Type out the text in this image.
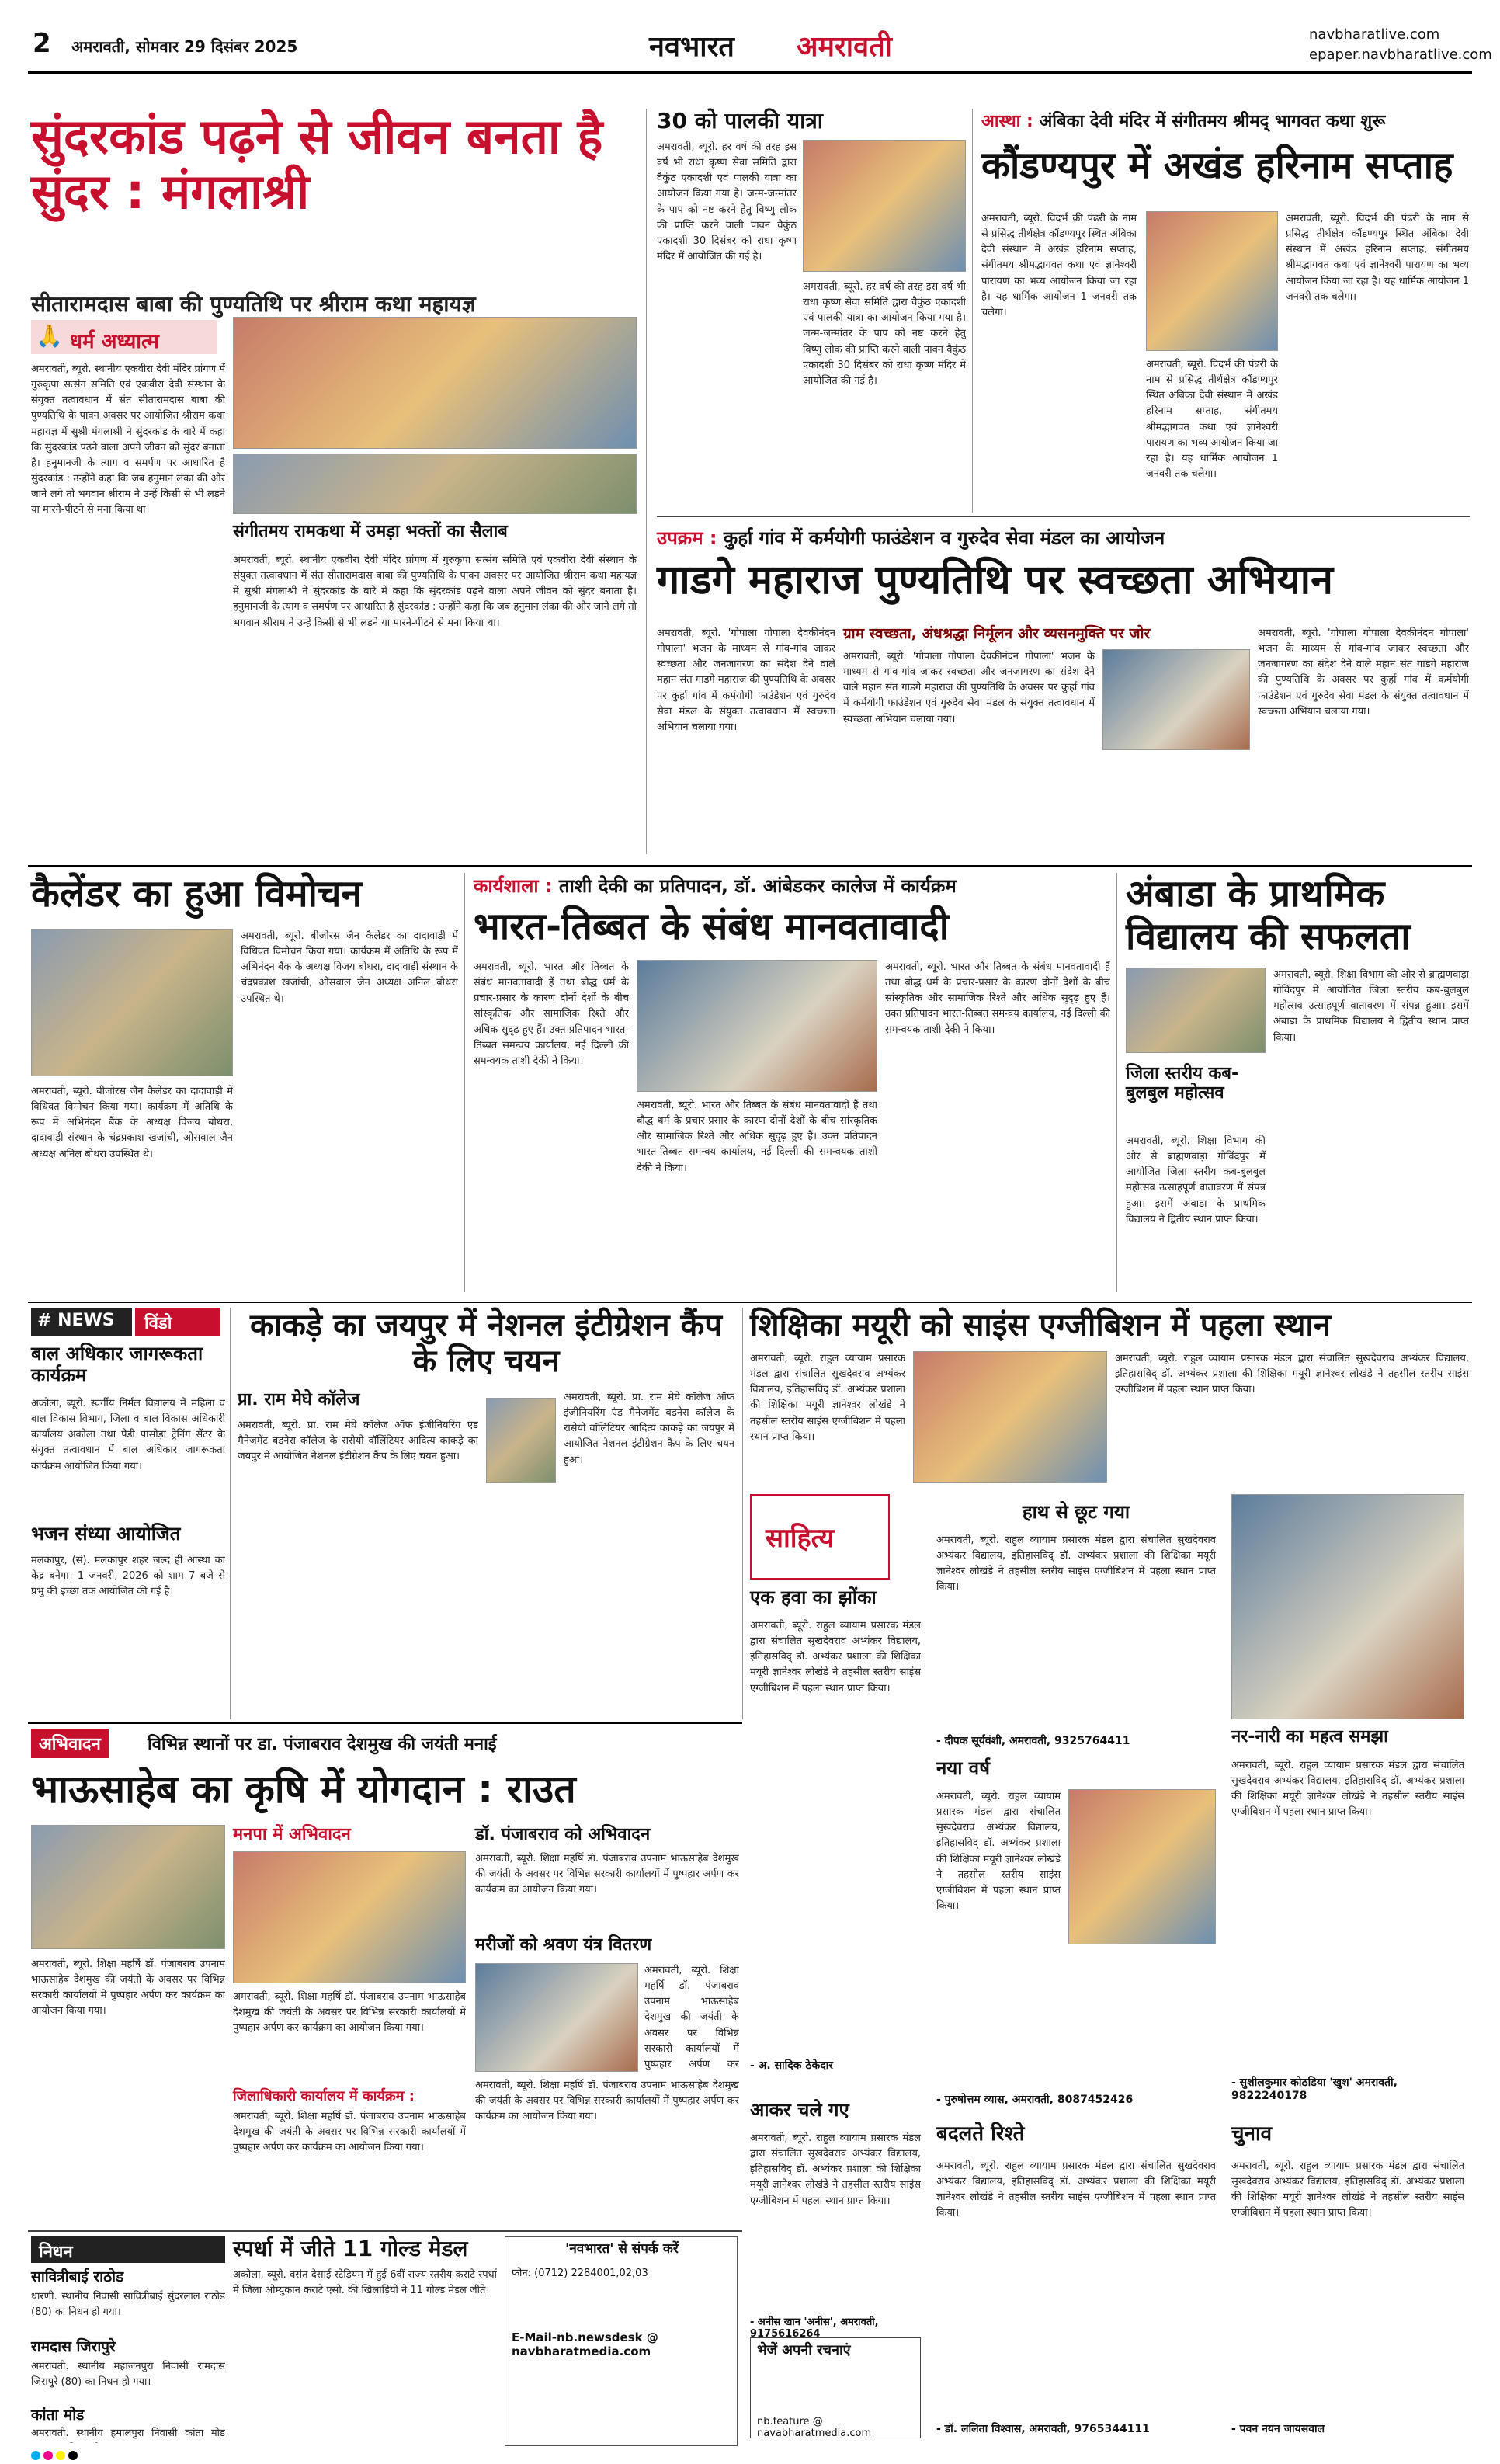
2 अमरावती, सोमवार 29 दिसंबर 2025	नवभारत अमरावती	navbharatlive.com
epaper.navbharatlive.com
सुंदरकांड पढ़ने से जीवन बनता है सुंदर : मंगलाश्री
सीतारामदास बाबा की पुण्यतिथि पर श्रीराम कथा महायज्ञ
🙏 धर्म अध्यात्म
अमरावती, ब्यूरो. स्थानीय एकवीरा देवी मंदिर प्रांगण में गुरुकृपा सत्संग समिति एवं एकवीरा देवी संस्थान के संयुक्त तत्वावधान में संत सीतारामदास बाबा की पुण्यतिथि के पावन अवसर पर आयोजित श्रीराम कथा महायज्ञ में सुश्री मंगलाश्री ने सुंदरकांड के बारे में कहा कि सुंदरकांड पढ़ने वाला अपने जीवन को सुंदर बनाता है। हनुमानजी के त्याग व समर्पण पर आधारित है सुंदरकांड : उन्होंने कहा कि जब हनुमान लंका की ओर जाने लगे तो भगवान श्रीराम ने उन्हें किसी से भी लड़ने या मारने-पीटने से मना किया था।
संगीतमय रामकथा में उमड़ा भक्तों का सैलाब
अमरावती, ब्यूरो. स्थानीय एकवीरा देवी मंदिर प्रांगण में गुरुकृपा सत्संग समिति एवं एकवीरा देवी संस्थान के संयुक्त तत्वावधान में संत सीतारामदास बाबा की पुण्यतिथि के पावन अवसर पर आयोजित श्रीराम कथा महायज्ञ में सुश्री मंगलाश्री ने सुंदरकांड के बारे में कहा कि सुंदरकांड पढ़ने वाला अपने जीवन को सुंदर बनाता है। हनुमानजी के त्याग व समर्पण पर आधारित है सुंदरकांड : उन्होंने कहा कि जब हनुमान लंका की ओर जाने लगे तो भगवान श्रीराम ने उन्हें किसी से भी लड़ने या मारने-पीटने से मना किया था।
30 को पालकी यात्रा
अमरावती, ब्यूरो. हर वर्ष की तरह इस वर्ष भी राधा कृष्ण सेवा समिति द्वारा वैकुंठ एकादशी एवं पालकी यात्रा का आयोजन किया गया है। जन्म-जन्मांतर के पाप को नष्ट करने हेतु विष्णु लोक की प्राप्ति करने वाली पावन वैकुंठ एकादशी 30 दिसंबर को राधा कृष्ण मंदिर में आयोजित की गई है।
अमरावती, ब्यूरो. हर वर्ष की तरह इस वर्ष भी राधा कृष्ण सेवा समिति द्वारा वैकुंठ एकादशी एवं पालकी यात्रा का आयोजन किया गया है। जन्म-जन्मांतर के पाप को नष्ट करने हेतु विष्णु लोक की प्राप्ति करने वाली पावन वैकुंठ एकादशी 30 दिसंबर को राधा कृष्ण मंदिर में आयोजित की गई है।
आस्था : अंबिका देवी मंदिर में संगीतमय श्रीमद् भागवत कथा शुरू
कौंडण्यपुर में अखंड हरिनाम सप्ताह
अमरावती, ब्यूरो. विदर्भ की पंढरी के नाम से प्रसिद्ध तीर्थक्षेत्र कौंडण्यपुर स्थित अंबिका देवी संस्थान में अखंड हरिनाम सप्ताह, संगीतमय श्रीमद्भागवत कथा एवं ज्ञानेश्वरी पारायण का भव्य आयोजन किया जा रहा है। यह धार्मिक आयोजन 1 जनवरी तक चलेगा।
अमरावती, ब्यूरो. विदर्भ की पंढरी के नाम से प्रसिद्ध तीर्थक्षेत्र कौंडण्यपुर स्थित अंबिका देवी संस्थान में अखंड हरिनाम सप्ताह, संगीतमय श्रीमद्भागवत कथा एवं ज्ञानेश्वरी पारायण का भव्य आयोजन किया जा रहा है। यह धार्मिक आयोजन 1 जनवरी तक चलेगा।
अमरावती, ब्यूरो. विदर्भ की पंढरी के नाम से प्रसिद्ध तीर्थक्षेत्र कौंडण्यपुर स्थित अंबिका देवी संस्थान में अखंड हरिनाम सप्ताह, संगीतमय श्रीमद्भागवत कथा एवं ज्ञानेश्वरी पारायण का भव्य आयोजन किया जा रहा है। यह धार्मिक आयोजन 1 जनवरी तक चलेगा।
उपक्रम : कुर्हा गांव में कर्मयोगी फाउंडेशन व गुरुदेव सेवा मंडल का आयोजन
गाडगे महाराज पुण्यतिथि पर स्वच्छता अभियान
अमरावती, ब्यूरो. 'गोपाला गोपाला देवकीनंदन गोपाला' भजन के माध्यम से गांव-गांव जाकर स्वच्छता और जनजागरण का संदेश देने वाले महान संत गाडगे महाराज की पुण्यतिथि के अवसर पर कुर्हा गांव में कर्मयोगी फाउंडेशन एवं गुरुदेव सेवा मंडल के संयुक्त तत्वावधान में स्वच्छता अभियान चलाया गया।
ग्राम स्वच्छता, अंधश्रद्धा निर्मूलन और व्यसनमुक्ति पर जोर
अमरावती, ब्यूरो. 'गोपाला गोपाला देवकीनंदन गोपाला' भजन के माध्यम से गांव-गांव जाकर स्वच्छता और जनजागरण का संदेश देने वाले महान संत गाडगे महाराज की पुण्यतिथि के अवसर पर कुर्हा गांव में कर्मयोगी फाउंडेशन एवं गुरुदेव सेवा मंडल के संयुक्त तत्वावधान में स्वच्छता अभियान चलाया गया।
अमरावती, ब्यूरो. 'गोपाला गोपाला देवकीनंदन गोपाला' भजन के माध्यम से गांव-गांव जाकर स्वच्छता और जनजागरण का संदेश देने वाले महान संत गाडगे महाराज की पुण्यतिथि के अवसर पर कुर्हा गांव में कर्मयोगी फाउंडेशन एवं गुरुदेव सेवा मंडल के संयुक्त तत्वावधान में स्वच्छता अभियान चलाया गया।
कैलेंडर का हुआ विमोचन
अमरावती, ब्यूरो. बीजोरस जैन कैलेंडर का दादावाड़ी में विधिवत विमोचन किया गया। कार्यक्रम में अतिथि के रूप में अभिनंदन बैंक के अध्यक्ष विजय बोथरा, दादावाड़ी संस्थान के चंद्रप्रकाश खजांची, ओसवाल जैन अध्यक्ष अनिल बोथरा उपस्थित थे।
अमरावती, ब्यूरो. बीजोरस जैन कैलेंडर का दादावाड़ी में विधिवत विमोचन किया गया। कार्यक्रम में अतिथि के रूप में अभिनंदन बैंक के अध्यक्ष विजय बोथरा, दादावाड़ी संस्थान के चंद्रप्रकाश खजांची, ओसवाल जैन अध्यक्ष अनिल बोथरा उपस्थित थे।
कार्यशाला : ताशी देकी का प्रतिपादन, डॉ. आंबेडकर कालेज में कार्यक्रम
भारत-तिब्बत के संबंध मानवतावादी
अमरावती, ब्यूरो. भारत और तिब्बत के संबंध मानवतावादी हैं तथा बौद्ध धर्म के प्रचार-प्रसार के कारण दोनों देशों के बीच सांस्कृतिक और सामाजिक रिश्ते और अधिक सुदृढ़ हुए हैं। उक्त प्रतिपादन भारत-तिब्बत समन्वय कार्यालय, नई दिल्ली की समन्वयक ताशी देकी ने किया।
अमरावती, ब्यूरो. भारत और तिब्बत के संबंध मानवतावादी हैं तथा बौद्ध धर्म के प्रचार-प्रसार के कारण दोनों देशों के बीच सांस्कृतिक और सामाजिक रिश्ते और अधिक सुदृढ़ हुए हैं। उक्त प्रतिपादन भारत-तिब्बत समन्वय कार्यालय, नई दिल्ली की समन्वयक ताशी देकी ने किया।
अमरावती, ब्यूरो. भारत और तिब्बत के संबंध मानवतावादी हैं तथा बौद्ध धर्म के प्रचार-प्रसार के कारण दोनों देशों के बीच सांस्कृतिक और सामाजिक रिश्ते और अधिक सुदृढ़ हुए हैं। उक्त प्रतिपादन भारत-तिब्बत समन्वय कार्यालय, नई दिल्ली की समन्वयक ताशी देकी ने किया।
अंबाडा के प्राथमिक विद्यालय की सफलता
जिला स्तरीय कब-बुलबुल महोत्सव
अमरावती, ब्यूरो. शिक्षा विभाग की ओर से ब्राह्मणवाड़ा गोविंदपुर में आयोजित जिला स्तरीय कब-बुलबुल महोत्सव उत्साहपूर्ण वातावरण में संपन्न हुआ। इसमें अंबाडा के प्राथमिक विद्यालय ने द्वितीय स्थान प्राप्त किया।
अमरावती, ब्यूरो. शिक्षा विभाग की ओर से ब्राह्मणवाड़ा गोविंदपुर में आयोजित जिला स्तरीय कब-बुलबुल महोत्सव उत्साहपूर्ण वातावरण में संपन्न हुआ। इसमें अंबाडा के प्राथमिक विद्यालय ने द्वितीय स्थान प्राप्त किया।
# NEWS विंडो
बाल अधिकार जागरूकता कार्यक्रम
अकोला, ब्यूरो. स्वर्गीय निर्मल विद्यालय में महिला व बाल विकास विभाग, जिला व बाल विकास अधिकारी कार्यालय अकोला तथा पैडी पासोड़ा ट्रेनिंग सेंटर के संयुक्त तत्वावधान में बाल अधिकार जागरूकता कार्यक्रम आयोजित किया गया।
भजन संध्या आयोजित
मलकापुर, (सं). मलकापुर शहर जल्द ही आस्था का केंद्र बनेगा। 1 जनवरी, 2026 को शाम 7 बजे से प्रभु की इच्छा तक आयोजित की गई है।
काकड़े का जयपुर में नेशनल इंटीग्रेशन कैंप के लिए चयन
प्रा. राम मेघे कॉलेज
अमरावती, ब्यूरो. प्रा. राम मेघे कॉलेज ऑफ इंजीनियरिंग एंड मैनेजमेंट बडनेरा कॉलेज के रासेयो वॉलिंटियर आदित्य काकड़े का जयपुर में आयोजित नेशनल इंटीग्रेशन कैंप के लिए चयन हुआ।
अमरावती, ब्यूरो. प्रा. राम मेघे कॉलेज ऑफ इंजीनियरिंग एंड मैनेजमेंट बडनेरा कॉलेज के रासेयो वॉलिंटियर आदित्य काकड़े का जयपुर में आयोजित नेशनल इंटीग्रेशन कैंप के लिए चयन हुआ।
शिक्षिका मयूरी को साइंस एग्जीबिशन में पहला स्थान
अमरावती, ब्यूरो. राहुल व्यायाम प्रसारक मंडल द्वारा संचालित सुखदेवराव अभ्यंकर विद्यालय, इतिहासविद् डॉ. अभ्यंकर प्रशाला की शिक्षिका मयूरी ज्ञानेश्वर लोखंडे ने तहसील स्तरीय साइंस एग्जीबिशन में पहला स्थान प्राप्त किया।
अमरावती, ब्यूरो. राहुल व्यायाम प्रसारक मंडल द्वारा संचालित सुखदेवराव अभ्यंकर विद्यालय, इतिहासविद् डॉ. अभ्यंकर प्रशाला की शिक्षिका मयूरी ज्ञानेश्वर लोखंडे ने तहसील स्तरीय साइंस एग्जीबिशन में पहला स्थान प्राप्त किया।
साहित्य
एक हवा का झोंका
अमरावती, ब्यूरो. राहुल व्यायाम प्रसारक मंडल द्वारा संचालित सुखदेवराव अभ्यंकर विद्यालय, इतिहासविद् डॉ. अभ्यंकर प्रशाला की शिक्षिका मयूरी ज्ञानेश्वर लोखंडे ने तहसील स्तरीय साइंस एग्जीबिशन में पहला स्थान प्राप्त किया।
- अ. सादिक ठेकेदार
आकर चले गए
अमरावती, ब्यूरो. राहुल व्यायाम प्रसारक मंडल द्वारा संचालित सुखदेवराव अभ्यंकर विद्यालय, इतिहासविद् डॉ. अभ्यंकर प्रशाला की शिक्षिका मयूरी ज्ञानेश्वर लोखंडे ने तहसील स्तरीय साइंस एग्जीबिशन में पहला स्थान प्राप्त किया।
- अनीस खान 'अनीस', अमरावती, 9175616264
भेजें अपनी रचनाएं
nb.feature @ navabharatmedia.com
हाथ से छूट गया
अमरावती, ब्यूरो. राहुल व्यायाम प्रसारक मंडल द्वारा संचालित सुखदेवराव अभ्यंकर विद्यालय, इतिहासविद् डॉ. अभ्यंकर प्रशाला की शिक्षिका मयूरी ज्ञानेश्वर लोखंडे ने तहसील स्तरीय साइंस एग्जीबिशन में पहला स्थान प्राप्त किया।
- दीपक सूर्यवंशी, अमरावती, 9325764411
नया वर्ष
अमरावती, ब्यूरो. राहुल व्यायाम प्रसारक मंडल द्वारा संचालित सुखदेवराव अभ्यंकर विद्यालय, इतिहासविद् डॉ. अभ्यंकर प्रशाला की शिक्षिका मयूरी ज्ञानेश्वर लोखंडे ने तहसील स्तरीय साइंस एग्जीबिशन में पहला स्थान प्राप्त किया।
- पुरुषोत्तम व्यास, अमरावती, 8087452426
बदलते रिश्ते
अमरावती, ब्यूरो. राहुल व्यायाम प्रसारक मंडल द्वारा संचालित सुखदेवराव अभ्यंकर विद्यालय, इतिहासविद् डॉ. अभ्यंकर प्रशाला की शिक्षिका मयूरी ज्ञानेश्वर लोखंडे ने तहसील स्तरीय साइंस एग्जीबिशन में पहला स्थान प्राप्त किया।
- डॉ. ललिता विश्वास, अमरावती, 9765344111
नर-नारी का महत्व समझा
अमरावती, ब्यूरो. राहुल व्यायाम प्रसारक मंडल द्वारा संचालित सुखदेवराव अभ्यंकर विद्यालय, इतिहासविद् डॉ. अभ्यंकर प्रशाला की शिक्षिका मयूरी ज्ञानेश्वर लोखंडे ने तहसील स्तरीय साइंस एग्जीबिशन में पहला स्थान प्राप्त किया।
- सुशीलकुमार कोठडिया 'खुश' अमरावती, 9822240178
चुनाव
अमरावती, ब्यूरो. राहुल व्यायाम प्रसारक मंडल द्वारा संचालित सुखदेवराव अभ्यंकर विद्यालय, इतिहासविद् डॉ. अभ्यंकर प्रशाला की शिक्षिका मयूरी ज्ञानेश्वर लोखंडे ने तहसील स्तरीय साइंस एग्जीबिशन में पहला स्थान प्राप्त किया।
- पवन नयन जायसवाल
अभिवादन	विभिन्न स्थानों पर डा. पंजाबराव देशमुख की जयंती मनाई
भाऊसाहेब का कृषि में योगदान : राउत
अमरावती, ब्यूरो. शिक्षा महर्षि डॉ. पंजाबराव उपनाम भाऊसाहेब देशमुख की जयंती के अवसर पर विभिन्न सरकारी कार्यालयों में पुष्पहार अर्पण कर कार्यक्रम का आयोजन किया गया।
मनपा में अभिवादन
अमरावती, ब्यूरो. शिक्षा महर्षि डॉ. पंजाबराव उपनाम भाऊसाहेब देशमुख की जयंती के अवसर पर विभिन्न सरकारी कार्यालयों में पुष्पहार अर्पण कर कार्यक्रम का आयोजन किया गया।
जिलाधिकारी कार्यालय में कार्यक्रम :
अमरावती, ब्यूरो. शिक्षा महर्षि डॉ. पंजाबराव उपनाम भाऊसाहेब देशमुख की जयंती के अवसर पर विभिन्न सरकारी कार्यालयों में पुष्पहार अर्पण कर कार्यक्रम का आयोजन किया गया।
डॉ. पंजाबराव को अभिवादन
अमरावती, ब्यूरो. शिक्षा महर्षि डॉ. पंजाबराव उपनाम भाऊसाहेब देशमुख की जयंती के अवसर पर विभिन्न सरकारी कार्यालयों में पुष्पहार अर्पण कर कार्यक्रम का आयोजन किया गया।
मरीजों को श्रवण यंत्र वितरण
अमरावती, ब्यूरो. शिक्षा महर्षि डॉ. पंजाबराव उपनाम भाऊसाहेब देशमुख की जयंती के अवसर पर विभिन्न सरकारी कार्यालयों में पुष्पहार अर्पण कर
अमरावती, ब्यूरो. शिक्षा महर्षि डॉ. पंजाबराव उपनाम भाऊसाहेब देशमुख की जयंती के अवसर पर विभिन्न सरकारी कार्यालयों में पुष्पहार अर्पण कर कार्यक्रम का आयोजन किया गया।
निधन
सावित्रीबाई राठोड
धारणी. स्थानीय निवासी सावित्रीबाई सुंदरलाल राठोड (80) का निधन हो गया।
रामदास जिरापुरे
अमरावती. स्थानीय महाजनपुरा निवासी रामदास जिरापुरे (80) का निधन हो गया।
कांता मोड
अमरावती. स्थानीय हमालपुरा निवासी कांता मोड
स्पर्धा में जीते 11 गोल्ड मेडल
अकोला, ब्यूरो. वसंत देसाई स्टेडियम में हुई 6वीं राज्य स्तरीय कराटे स्पर्धा में जिला ओम्युकान कराटे एसो. की खिलाड़ियों ने 11 गोल्ड मेडल जीते।
'नवभारत' से संपर्क करें
फोन: (0712) 2284001,02,03
E-Mail-nb.newsdesk @ navbharatmedia.com
